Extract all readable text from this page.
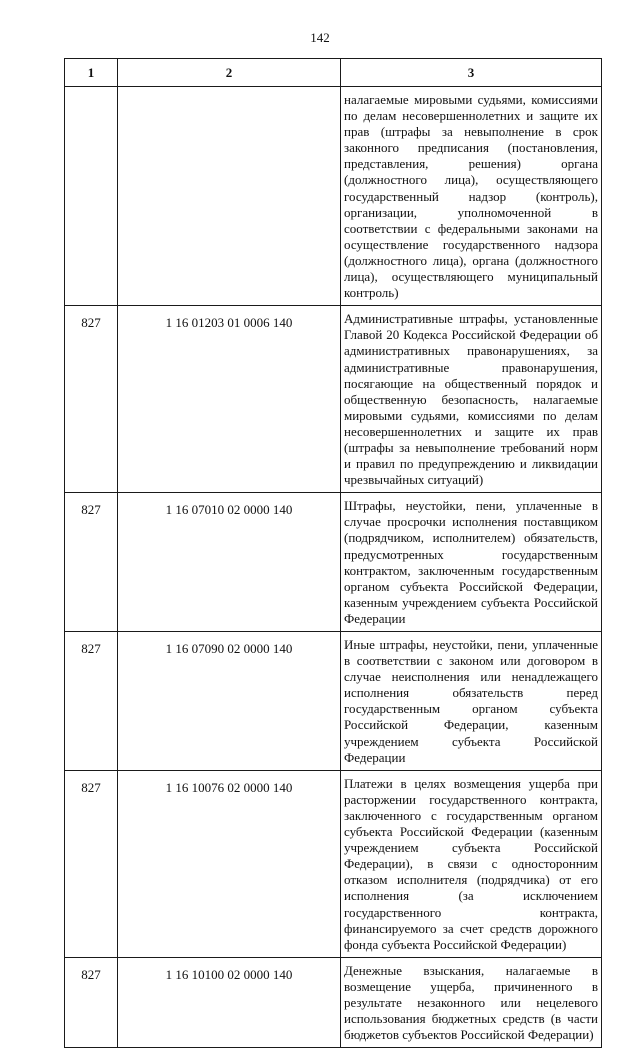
142
1	2	3
		налагаемые мировыми судьями, комиссиями по делам несовершеннолетних и защите их прав (штрафы за невыполнение в срок законного предписания (постановления, представления, решения) органа (должностного лица), осуществляющего государственный надзор (контроль), организации, уполномоченной в соответствии с федеральными законами на осуществление государственного надзора (должностного лица), органа (должностного лица), осуществляющего муниципальный контроль)
827	1 16 01203 01 0006 140	Административные штрафы, установленные Главой 20 Кодекса Российской Федерации об административных правонарушениях, за административные правонарушения, посягающие на общественный порядок и общественную безопасность, налагаемые мировыми судьями, комиссиями по делам несовершеннолетних и защите их прав (штрафы за невыполнение требований норм и правил по предупреждению и ликвидации чрезвычайных ситуаций)
827	1 16 07010 02 0000 140	Штрафы, неустойки, пени, уплаченные в случае просрочки исполнения поставщиком (подрядчиком, исполнителем) обязательств, предусмотренных государственным контрактом, заключенным государственным органом субъекта Российской Федерации, казенным учреждением субъекта Российской Федерации
827	1 16 07090 02 0000 140	Иные штрафы, неустойки, пени, уплаченные в соответствии с законом или договором в случае неисполнения или ненадлежащего исполнения обязательств перед государственным органом субъекта Российской Федерации, казенным учреждением субъекта Российской Федерации
827	1 16 10076 02 0000 140	Платежи в целях возмещения ущерба при расторжении государственного контракта, заключенного с государственным органом субъекта Российской Федерации (казенным учреждением субъекта Российской Федерации), в связи с односторонним отказом исполнителя (подрядчика) от его исполнения (за исключением государственного контракта, финансируемого за счет средств дорожного фонда субъекта Российской Федерации)
827	1 16 10100 02 0000 140	Денежные взыскания, налагаемые в возмещение ущерба, причиненного в результате незаконного или нецелевого использования бюджетных средств (в части бюджетов субъектов Российской Федерации)
